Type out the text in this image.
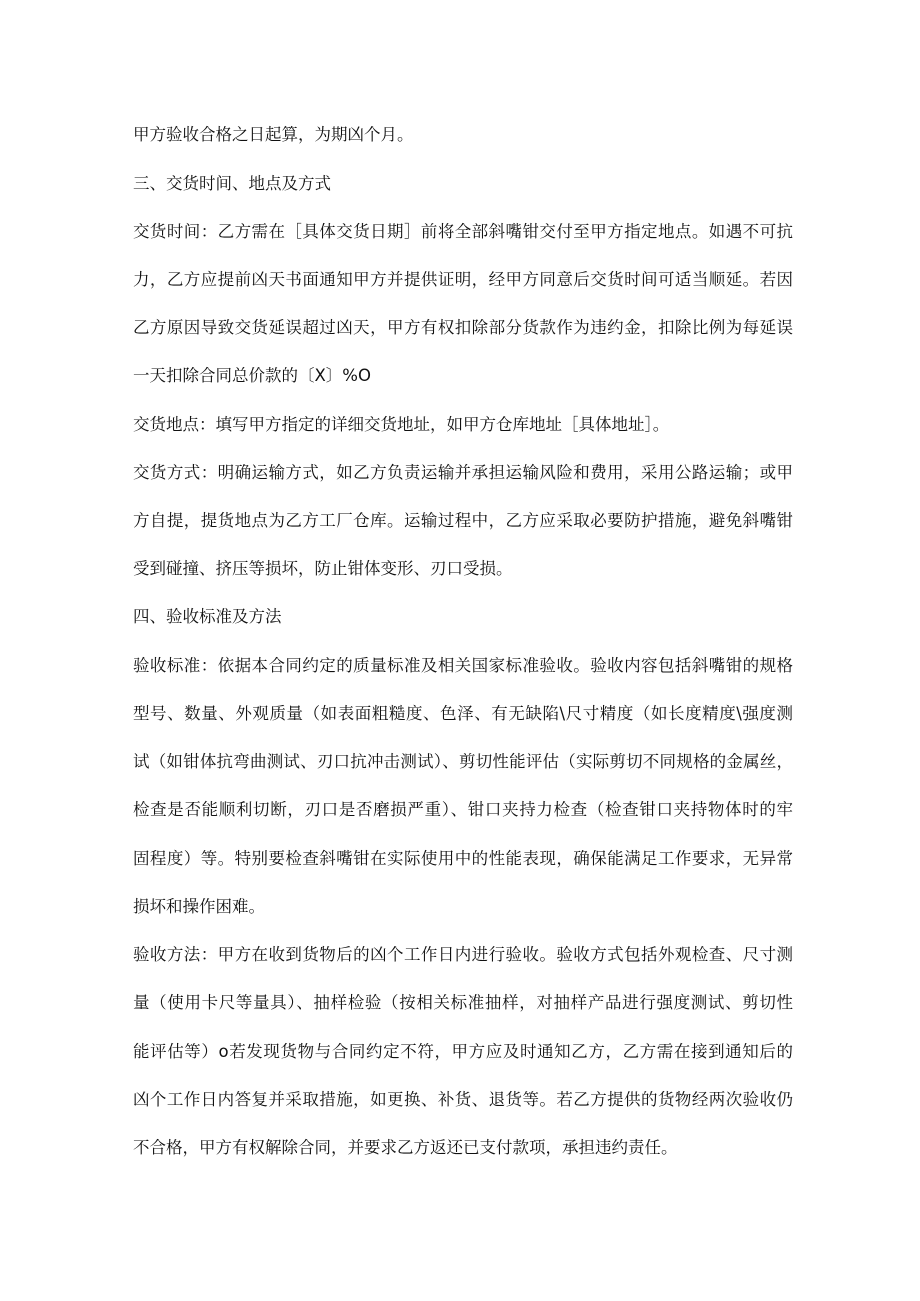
甲方验收合格之日起算，为期凶个月。
三、交货时间、地点及方式
交货时间：乙方需在［具体交货日期］前将全部斜嘴钳交付至甲方指定地点。如遇不可抗
力，乙方应提前凶天书面通知甲方并提供证明，经甲方同意后交货时间可适当顺延。若因
乙方原因导致交货延误超过凶天，甲方有权扣除部分货款作为违约金，扣除比例为每延误
一天扣除合同总价款的〔X〕%O
交货地点：填写甲方指定的详细交货地址，如甲方仓库地址［具体地址］。
交货方式：明确运输方式，如乙方负责运输并承担运输风险和费用，采用公路运输；或甲
方自提，提货地点为乙方工厂仓库。运输过程中，乙方应采取必要防护措施，避免斜嘴钳
受到碰撞、挤压等损坏，防止钳体变形、刃口受损。
四、验收标准及方法
验收标准：依据本合同约定的质量标准及相关国家标准验收。验收内容包括斜嘴钳的规格
型号、数量、外观质量（如表面粗糙度、色泽、有无缺陷\尺寸精度（如长度精度\强度测
试（如钳体抗弯曲测试、刃口抗冲击测试）、剪切性能评估（实际剪切不同规格的金属丝，
检查是否能顺利切断，刃口是否磨损严重）、钳口夹持力检查（检查钳口夹持物体时的牢
固程度）等。特别要检查斜嘴钳在实际使用中的性能表现，确保能满足工作要求，无异常
损坏和操作困难。
验收方法：甲方在收到货物后的凶个工作日内进行验收。验收方式包括外观检查、尺寸测
量（使用卡尺等量具）、抽样检验（按相关标准抽样，对抽样产品进行强度测试、剪切性
能评估等）o若发现货物与合同约定不符，甲方应及时通知乙方，乙方需在接到通知后的
凶个工作日内答复并采取措施，如更换、补货、退货等。若乙方提供的货物经两次验收仍
不合格，甲方有权解除合同，并要求乙方返还已支付款项，承担违约责任。
